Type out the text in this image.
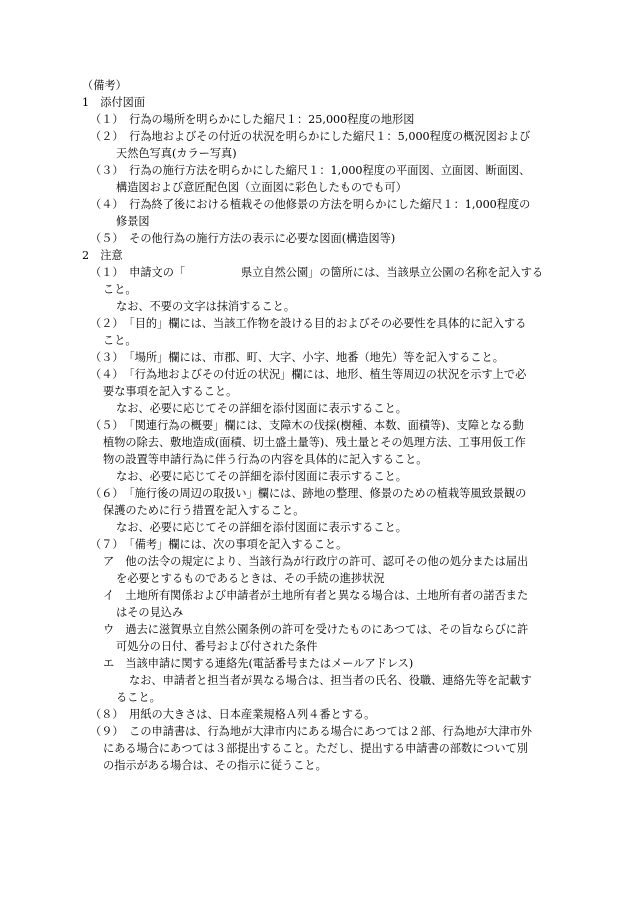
（備考）
1　添付図面
（１）　行為の場所を明らかにした縮尺１：25,000程度の地形図
（２）　行為地およびその付近の状況を明らかにした縮尺１：5,000程度の概況図および
天然色写真(カラー写真)
（３）　行為の施行方法を明らかにした縮尺１：1,000程度の平面図、立面図、断面図、
構造図および意匠配色図（立面図に彩色したものでも可）
（４）　行為終了後における植栽その他修景の方法を明らかにした縮尺１：1,000程度の
修景図
（５）　その他行為の施行方法の表示に必要な図面(構造図等)
2　注意
（１）　申請文の「　　　　　県立自然公園」の箇所には、当該県立公園の名称を記入する
こと。
なお、不要の文字は抹消すること。
（２）　「目的」欄には、当該工作物を設ける目的およびその必要性を具体的に記入する
こと。
（３）　「場所」欄には、市郡、町、大字、小字、地番（地先）等を記入すること。
（４）　「行為地およびその付近の状況」欄には、地形、植生等周辺の状況を示す上で必
要な事項を記入すること。
なお、必要に応じてその詳細を添付図面に表示すること。
（５）　「関連行為の概要」欄には、支障木の伐採(樹種、本数、面積等)、支障となる動
植物の除去、敷地造成(面積、切土盛土量等)、残土量とその処理方法、工事用仮工作
物の設置等申請行為に伴う行為の内容を具体的に記入すること。
なお、必要に応じてその詳細を添付図面に表示すること。
（６）　「施行後の周辺の取扱い」欄には、跡地の整理、修景のための植栽等風致景観の
保護のために行う措置を記入すること。
なお、必要に応じてその詳細を添付図面に表示すること。
（７）　「備考」欄には、次の事項を記入すること。
ア　他の法令の規定により、当該行為が行政庁の許可、認可その他の処分または届出
を必要とするものであるときは、その手続の進捗状況
イ　土地所有関係および申請者が土地所有者と異なる場合は、土地所有者の諾否また
はその見込み
ウ　過去に滋賀県立自然公園条例の許可を受けたものにあつては、その旨ならびに許
可処分の日付、番号および付された条件
エ　当該申請に関する連絡先(電話番号またはメールアドレス)
なお、申請者と担当者が異なる場合は、担当者の氏名、役職、連絡先等を記載す
ること。
（８）　用紙の大きさは、日本産業規格Ａ列４番とする。
（９）　この申請書は、行為地が大津市内にある場合にあつては２部、行為地が大津市外
にある場合にあつては３部提出すること。ただし、提出する申請書の部数について別
の指示がある場合は、その指示に従うこと。
